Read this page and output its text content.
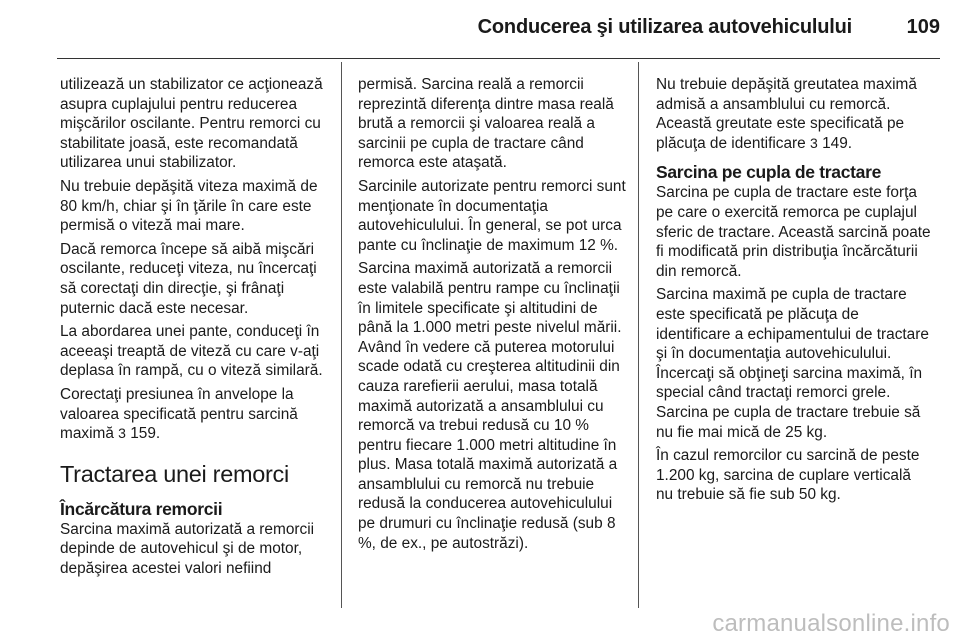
Conducerea şi utilizarea autovehiculului	109

utilizează un stabilizator ce acţionează asupra cuplajului pentru reducerea mişcărilor oscilante. Pentru remorci cu stabilitate joasă, este recomandată utilizarea unui stabilizator.

Nu trebuie depăşită viteza maximă de 80 km/h, chiar şi în ţările în care este permisă o viteză mai mare.

Dacă remorca începe să aibă mişcări oscilante, reduceţi viteza, nu încercaţi să corectaţi din direcţie, şi frânaţi puternic dacă este necesar.

La abordarea unei pante, conduceţi în aceeaşi treaptă de viteză cu care v-aţi deplasa în rampă, cu o viteză similară.

Corectaţi presiunea în anvelope la valoarea specificată pentru sarcină maximă 3 159.

Tractarea unei remorci
Încărcătura remorcii

Sarcina maximă autorizată a remorcii depinde de autovehicul şi de motor, depăşirea acestei valori nefiind

permisă. Sarcina reală a remorcii reprezintă diferenţa dintre masa reală brută a remorcii şi valoarea reală a sarcinii pe cupla de tractare când remorca este ataşată.

Sarcinile autorizate pentru remorci sunt menţionate în documentaţia autovehiculului. În general, se pot urca pante cu înclinaţie de maximum 12 %.

Sarcina maximă autorizată a remorcii este valabilă pentru rampe cu înclinaţii în limitele specificate şi altitudini de până la 1.000 metri peste nivelul mării. Având în vedere că puterea motorului scade odată cu creşterea altitudinii din cauza rarefierii aerului, masa totală maximă autorizată a ansamblului cu remorcă va trebui redusă cu 10 % pentru fiecare 1.000 metri altitudine în plus. Masa totală maximă autorizată a ansamblului cu remorcă nu trebuie redusă la conducerea autovehiculului pe drumuri cu înclinaţie redusă (sub 8 %, de ex., pe autostrăzi).

Nu trebuie depăşită greutatea maximă admisă a ansamblului cu remorcă. Această greutate este specificată pe plăcuţa de identificare 3 149.

Sarcina pe cupla de tractare

Sarcina pe cupla de tractare este forţa pe care o exercită remorca pe cuplajul sferic de tractare. Această sarcină poate fi modificată prin distribuţia încărcăturii din remorcă.

Sarcina maximă pe cupla de tractare este specificată pe plăcuţa de identificare a echipamentului de tractare şi în documentaţia autovehiculului. Încercaţi să obţineţi sarcina maximă, în special când tractaţi remorci grele. Sarcina pe cupla de tractare trebuie să nu fie mai mică de 25 kg.

În cazul remorcilor cu sarcină de peste 1.200 kg, sarcina de cuplare verticală nu trebuie să fie sub 50 kg.

carmanualsonline.info
